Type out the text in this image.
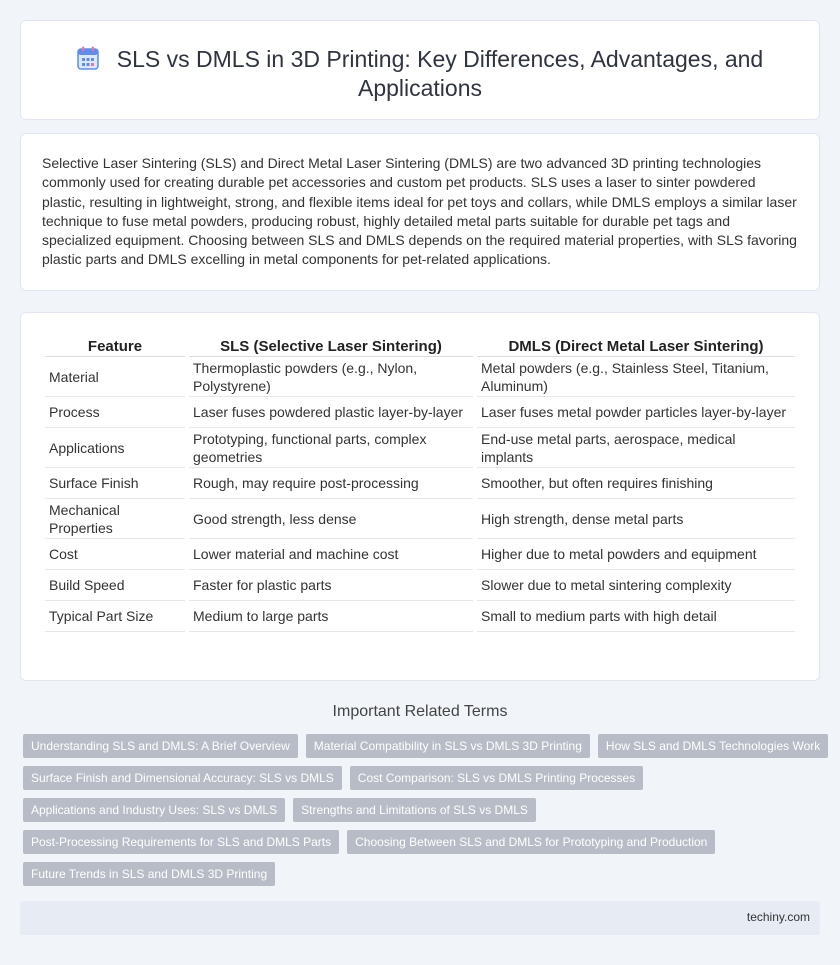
SLS vs DMLS in 3D Printing: Key Differences, Advantages, and Applications

Selective Laser Sintering (SLS) and Direct Metal Laser Sintering (DMLS) are two advanced 3D printing technologies commonly used for creating durable pet accessories and custom pet products. SLS uses a laser to sinter powdered plastic, resulting in lightweight, strong, and flexible items ideal for pet toys and collars, while DMLS employs a similar laser technique to fuse metal powders, producing robust, highly detailed metal parts suitable for durable pet tags and specialized equipment. Choosing between SLS and DMLS depends on the required material properties, with SLS favoring plastic parts and DMLS excelling in metal components for pet-related applications.

Feature	SLS (Selective Laser Sintering)	DMLS (Direct Metal Laser Sintering)
Material	Thermoplastic powders (e.g., Nylon, Polystyrene)	Metal powders (e.g., Stainless Steel, Titanium, Aluminum)
Process	Laser fuses powdered plastic layer-by-layer	Laser fuses metal powder particles layer-by-layer
Applications	Prototyping, functional parts, complex geometries	End-use metal parts, aerospace, medical implants
Surface Finish	Rough, may require post-processing	Smoother, but often requires finishing
Mechanical Properties	Good strength, less dense	High strength, dense metal parts
Cost	Lower material and machine cost	Higher due to metal powders and equipment
Build Speed	Faster for plastic parts	Slower due to metal sintering complexity
Typical Part Size	Medium to large parts	Small to medium parts with high detail
Important Related Terms
Understanding SLS and DMLS: A Brief Overview	Material Compatibility in SLS vs DMLS 3D Printing	How SLS and DMLS Technologies Work
Surface Finish and Dimensional Accuracy: SLS vs DMLS	Cost Comparison: SLS vs DMLS Printing Processes
Applications and Industry Uses: SLS vs DMLS	Strengths and Limitations of SLS vs DMLS
Post-Processing Requirements for SLS and DMLS Parts	Choosing Between SLS and DMLS for Prototyping and Production
Future Trends in SLS and DMLS 3D Printing
techiny.com
